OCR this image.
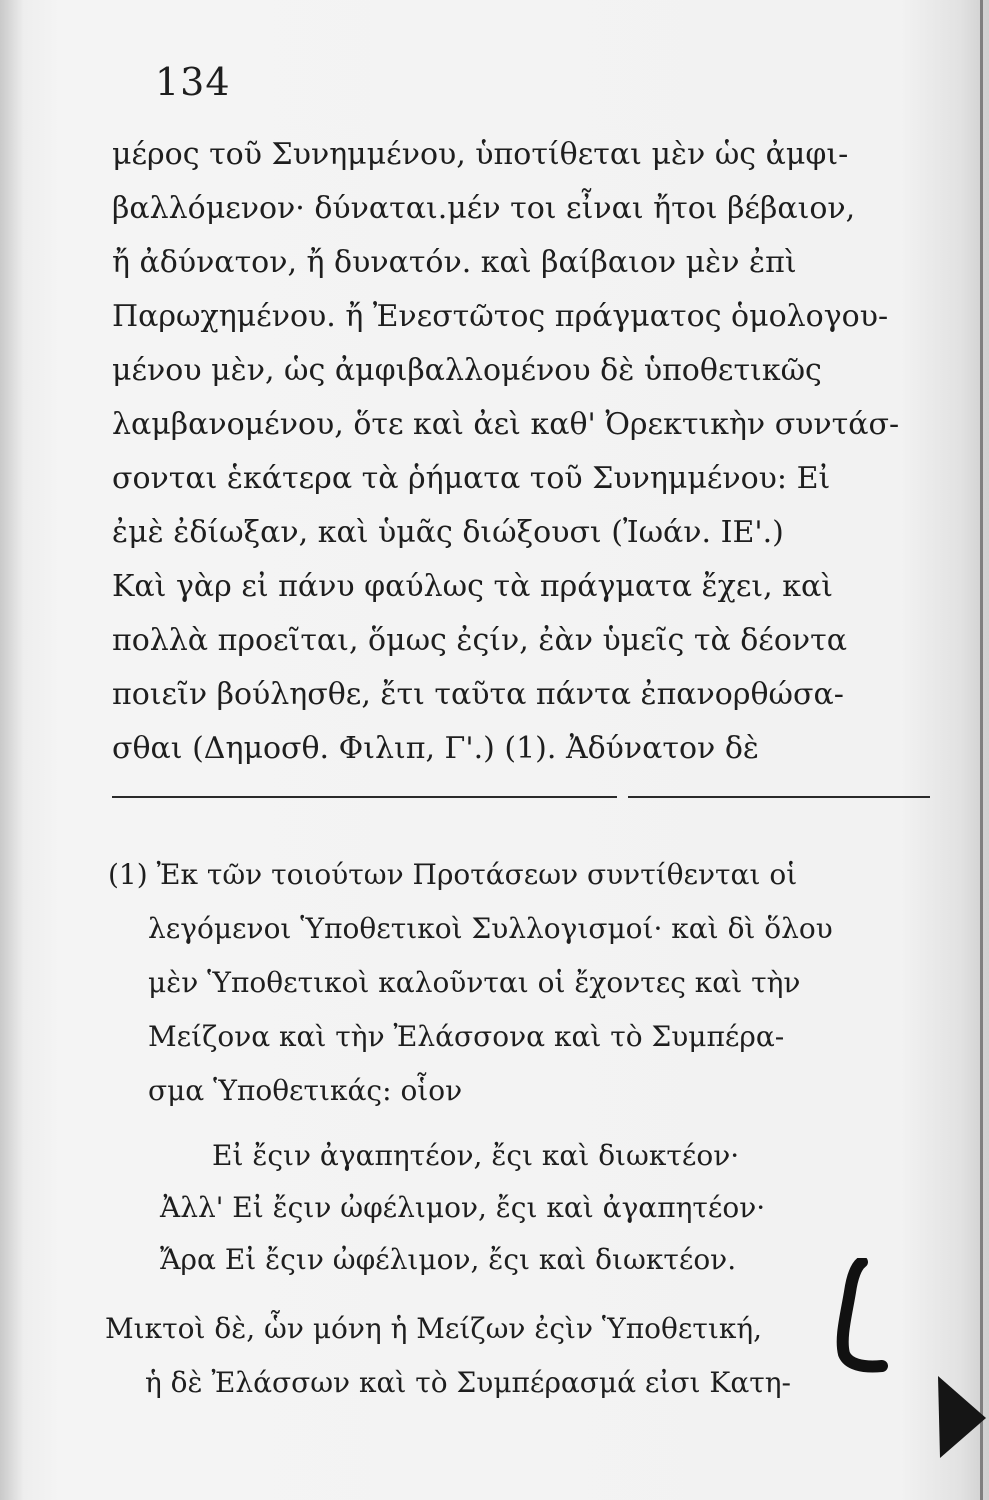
134
μέρος τοῦ Συνημμένου, ὑποτίθεται μὲν ὡς ἀμφι-
βαλλόμενον· δύναται.μέν τοι εἶναι ἤτοι βέβαιον,
ἤ ἀδύνατον, ἤ δυνατόν. καὶ βαίβαιον μὲν ἐπὶ
Παρωχημένου. ἤ Ἐνεστῶτος πράγματος ὁμολογου-
μένου μὲν, ὡς ἀμφιβαλλομένου δὲ ὑποθετικῶς
λαμβανομένου, ὅτε καὶ ἀεὶ καθ' Ὀρεκτικὴν συντάσ-
σονται ἑκάτερα τὰ ῥήματα τοῦ Συνημμένου: Εἰ
ἐμὲ ἐδίωξαν, καὶ ὑμᾶς διώξουσι (Ἰωάν. ΙΕ'.)
Καὶ γὰρ εἰ πάνυ φαύλως τὰ πράγματα ἔχει, καὶ
πολλὰ προεῖται, ὅμως ἐςίν, ἐὰν ὑμεῖς τὰ δέοντα
ποιεῖν βούλησθε, ἔτι ταῦτα πάντα ἐπανορθώσα-
σθαι (Δημοσθ. Φιλιπ, Γ'.) (1). Ἀδύνατον δὲ
(1) Ἐκ τῶν τοιούτων Προτάσεων συντίθενται οἱ
λεγόμενοι Ὑποθετικοὶ Συλλογισμοί· καὶ δὶ ὅλου
μὲν Ὑποθετικοὶ καλοῦνται οἱ ἔχοντες καὶ τὴν
Μείζονα καὶ τὴν Ἐλάσσονα καὶ τὸ Συμπέρα-
σμα Ὑποθετικάς: οἷον
Εἰ ἔςιν ἀγαπητέον, ἔςι καὶ διωκτέον·
Ἀλλ' Εἰ ἔςιν ὠφέλιμον, ἔςι καὶ ἀγαπητέον·
Ἄρα Εἰ ἔςιν ὠφέλιμον, ἔςι καὶ διωκτέον.
Μικτοὶ δὲ, ὧν μόνη ἡ Μείζων ἐςὶν Ὑποθετική,
ἡ δὲ Ἐλάσσων καὶ τὸ Συμπέρασμά εἰσι Κατη-
